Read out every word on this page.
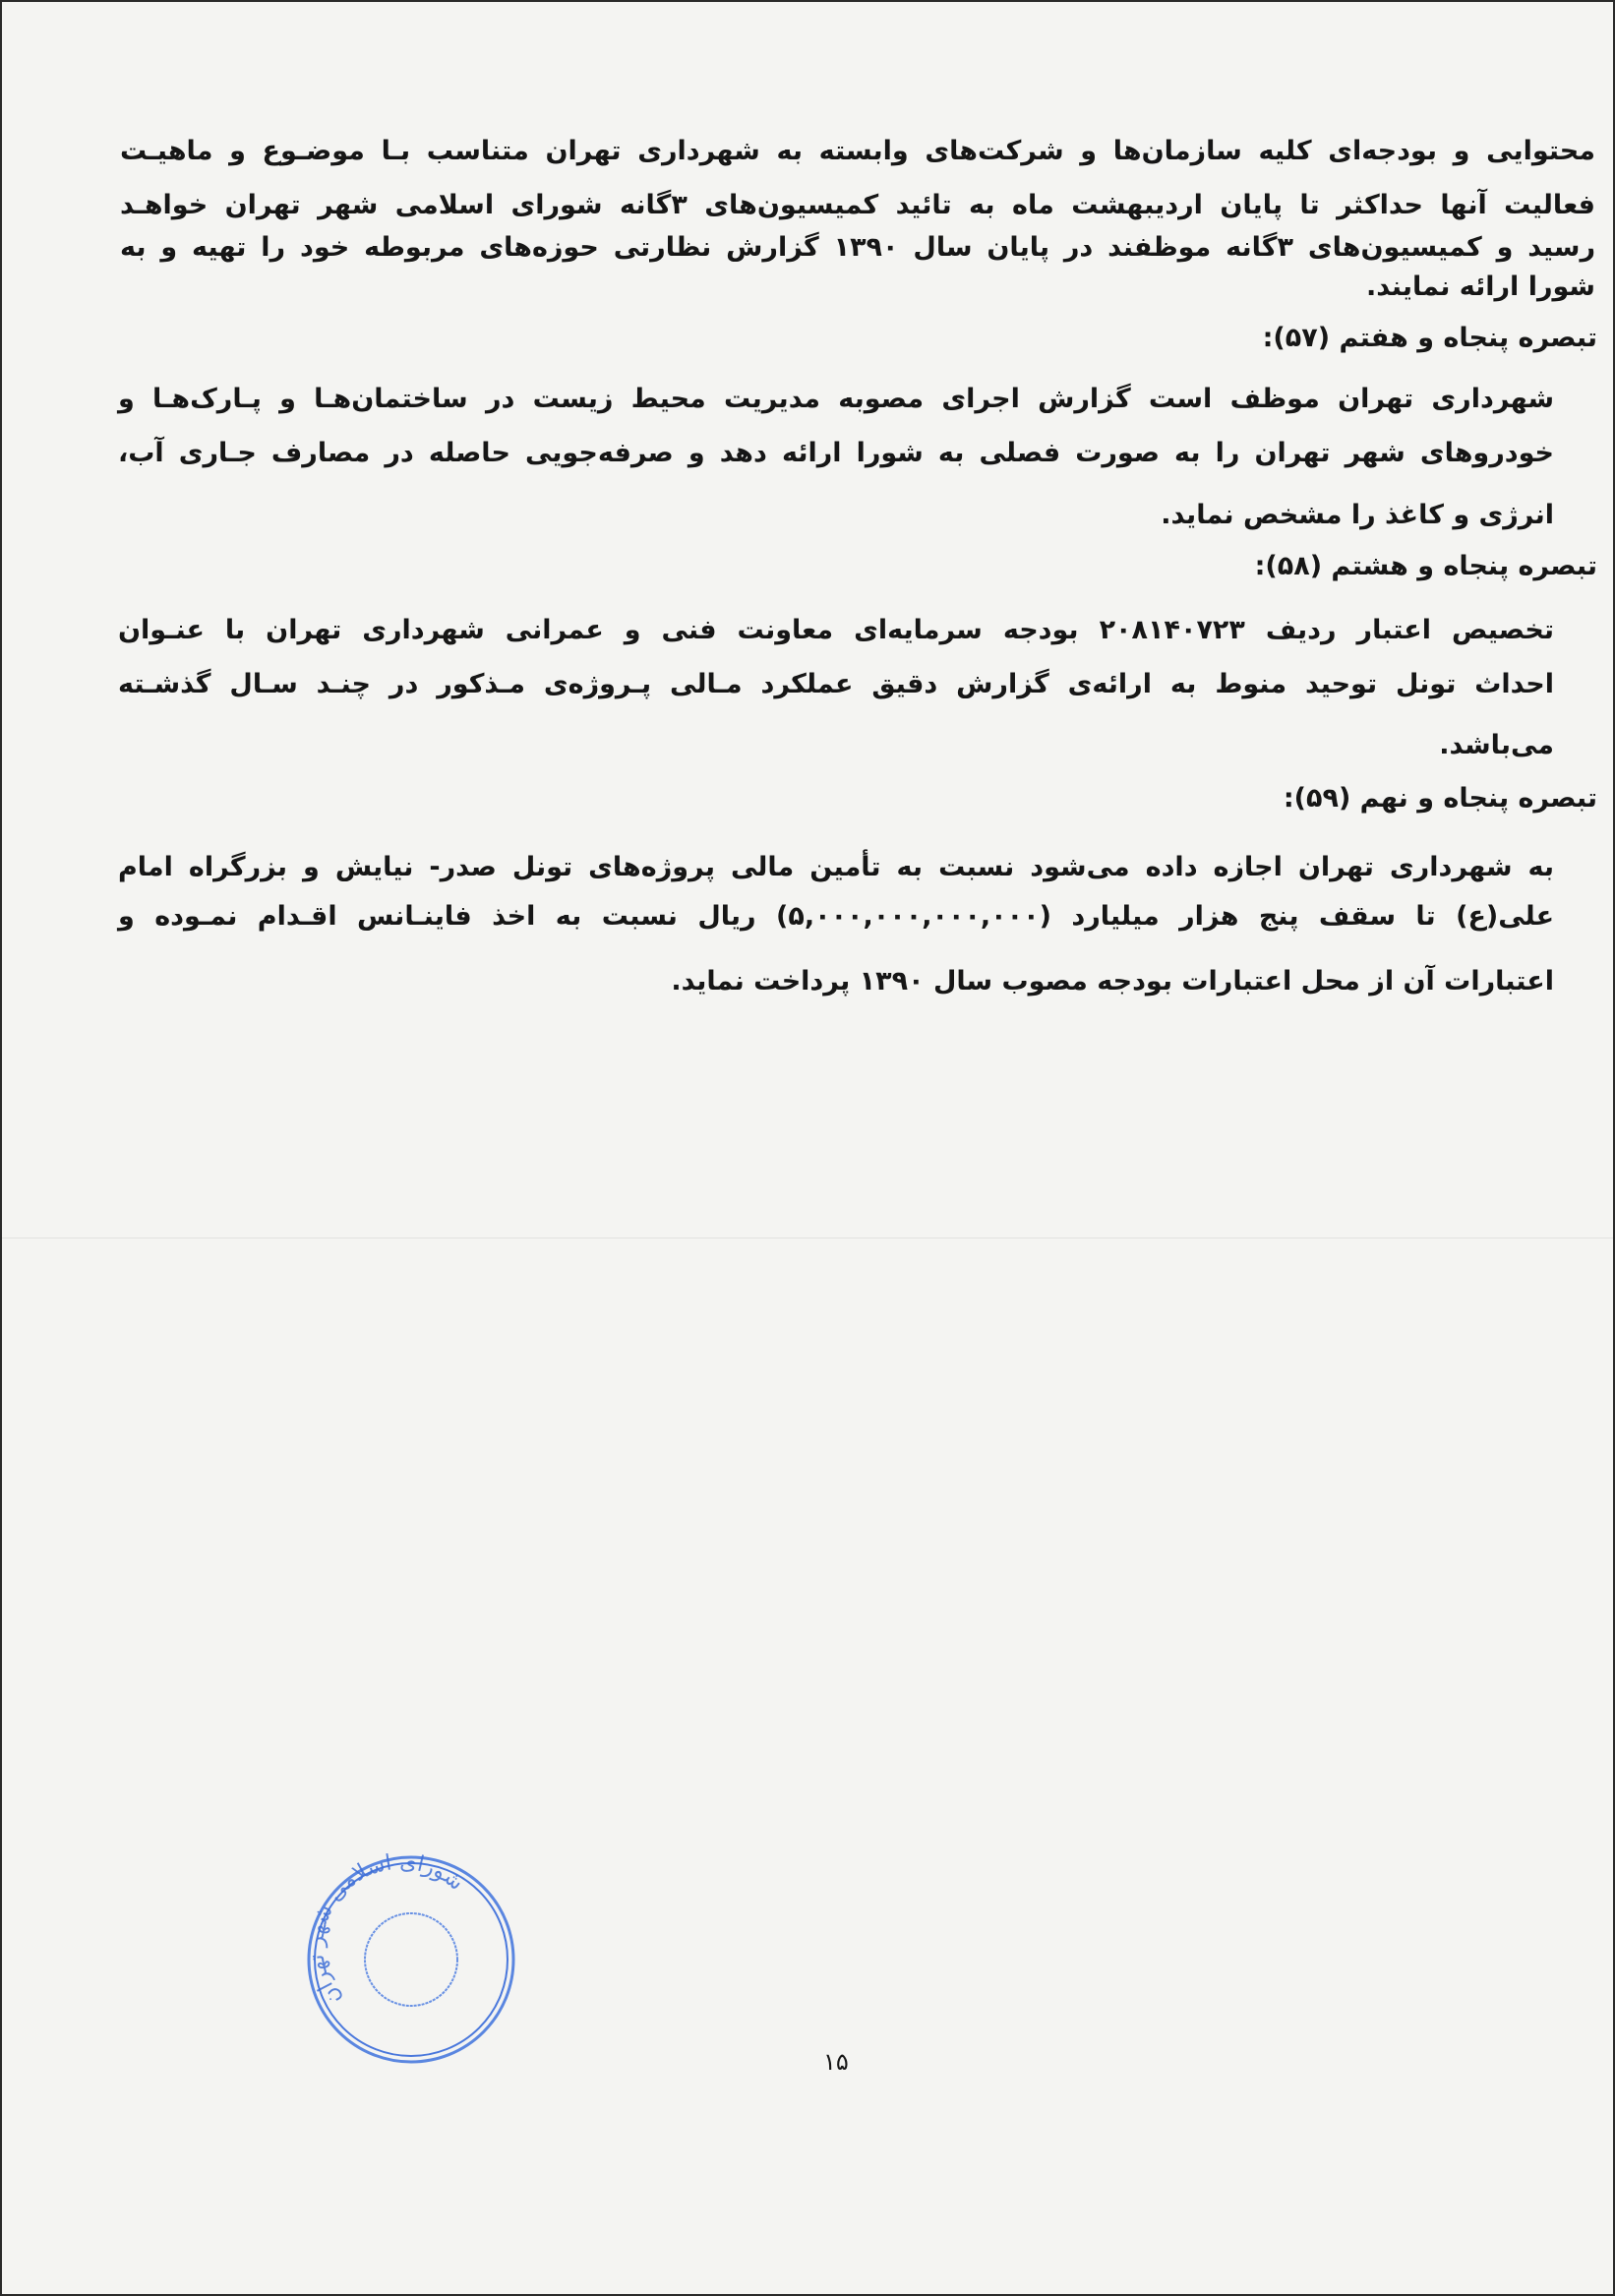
محتوایی و بودجه‌ای کلیه سازمان‌ها و شرکت‌های وابسته به شهرداری تهران متناسب بـا موضـوع و ماهیـت
فعالیت آنها حداکثر تا پایان اردیبهشت ماه به تائید کمیسیون‌های ۳گانه شورای اسلامی شهر تهران خواهـد
رسید و کمیسیون‌های ۳گانه موظفند در پایان سال ۱۳۹۰ گزارش نظارتی حوزه‌های مربوطه خود را تهیه و به
شورا ارائه نمایند.
تبصره پنجاه و هفتم (۵۷):
شهرداری تهران موظف است گزارش اجرای مصوبه مدیریت محیط زیست در ساختمان‌هـا و پـارک‌هـا و
خودروهای شهر تهران را به صورت فصلی به شورا ارائه دهد و صرفه‌جویی حاصله در مصارف جـاری آب،
انرژی و کاغذ را مشخص نماید.
تبصره پنجاه و هشتم (۵۸):
تخصیص اعتبار ردیف ۲۰۸۱۴۰۷۲۳ بودجه سرمایه‌ای معاونت فنی و عمرانی شهرداری تهران با عنـوان
احداث تونل توحید منوط به ارائه‌ی گزارش دقیق عملکرد مـالی پـروژه‌ی مـذکور در چنـد سـال گذشـته
می‌باشد.
تبصره پنجاه و نهم (۵۹):
به شهرداری تهران اجازه داده می‌شود نسبت به تأمین مالی پروژه‌های تونل صدر- نیایش و بزرگراه امام
علی(ع) تا سقف پنج هزار میلیارد (۵,۰۰۰,۰۰۰,۰۰۰,۰۰۰) ریال نسبت به اخذ فاینـانس اقـدام نمـوده و
اعتبارات آن از محل اعتبارات بودجه مصوب سال ۱۳۹۰ پرداخت نماید.
شورای اسلامی شهر تهران
۱۵
